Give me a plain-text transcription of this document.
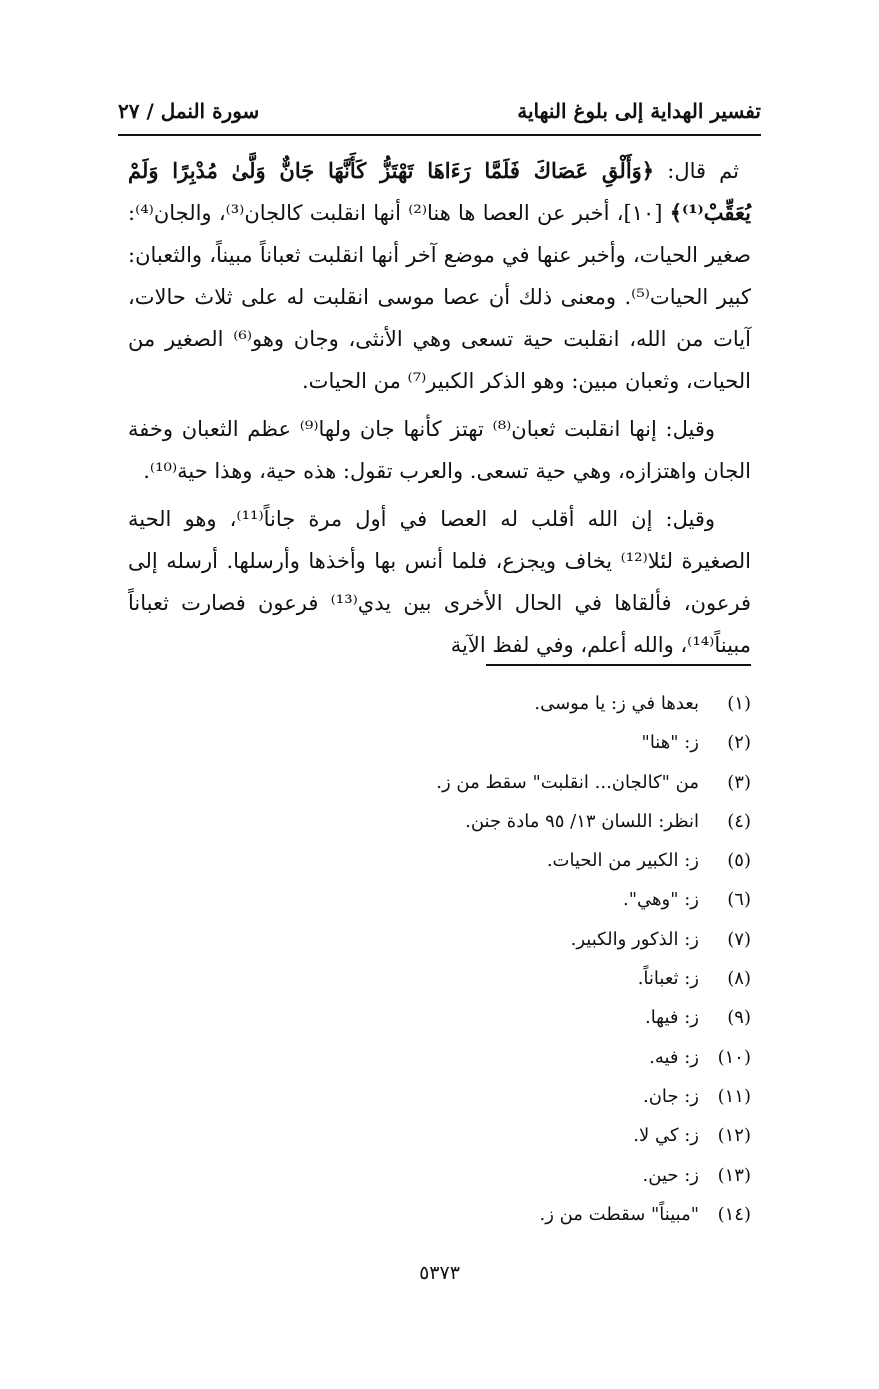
تفسير الهداية إلى بلوغ النهاية
سورة النمل / ٢٧

ثم قال: ﴿وَأَلْقِ عَصَاكَ فَلَمَّا رَءَاهَا تَهْتَزُّ كَأَنَّهَا جَانٌّ وَلَّىٰ مُدْبِرًا وَلَمْ يُعَقِّبْ⁽¹⁾﴾ [١٠]، أخبر عن العصا ها هنا⁽²⁾ أنها انقلبت كالجان⁽³⁾، والجان⁽⁴⁾: صغير الحيات، وأخبر عنها في موضع آخر أنها انقلبت ثعباناً مبيناً، والثعبان: كبير الحيات⁽⁵⁾. ومعنى ذلك أن عصا موسى انقلبت له على ثلاث حالات، آيات من الله، انقلبت حية تسعى وهي الأنثى، وجان وهو⁽⁶⁾ الصغير من الحيات، وثعبان مبين: وهو الذكر الكبير⁽⁷⁾ من الحيات.

وقيل: إنها انقلبت ثعبان⁽⁸⁾ تهتز كأنها جان ولها⁽⁹⁾ عظم الثعبان وخفة الجان واهتزازه، وهي حية تسعى. والعرب تقول: هذه حية، وهذا حية⁽¹⁰⁾.

وقيل: إن الله أقلب له العصا في أول مرة جاناً⁽¹¹⁾، وهو الحية الصغيرة لئلا⁽¹²⁾ يخاف ويجزع، فلما أنس بها وأخذها وأرسلها. أرسله إلى فرعون، فألقاها في الحال الأخرى بين يدي⁽¹³⁾ فرعون فصارت ثعباناً مبيناً⁽¹⁴⁾، والله أعلم، وفي لفظ الآية

(١)بعدها في ز: يا موسى.
(٢)ز: "هنا"
(٣)من "كالجان... انقلبت" سقط من ز.
(٤)انظر: اللسان ١٣/ ٩٥ مادة جنن.
(٥)ز: الكبير من الحيات.
(٦)ز: "وهي".
(٧)ز: الذكور والكبير.
(٨)ز: ثعباناً.
(٩)ز: فيها.
(١٠)ز: فيه.
(١١)ز: جان.
(١٢)ز: كي لا.
(١٣)ز: حين.
(١٤)"مبيناً" سقطت من ز.
٥٣٧٣
